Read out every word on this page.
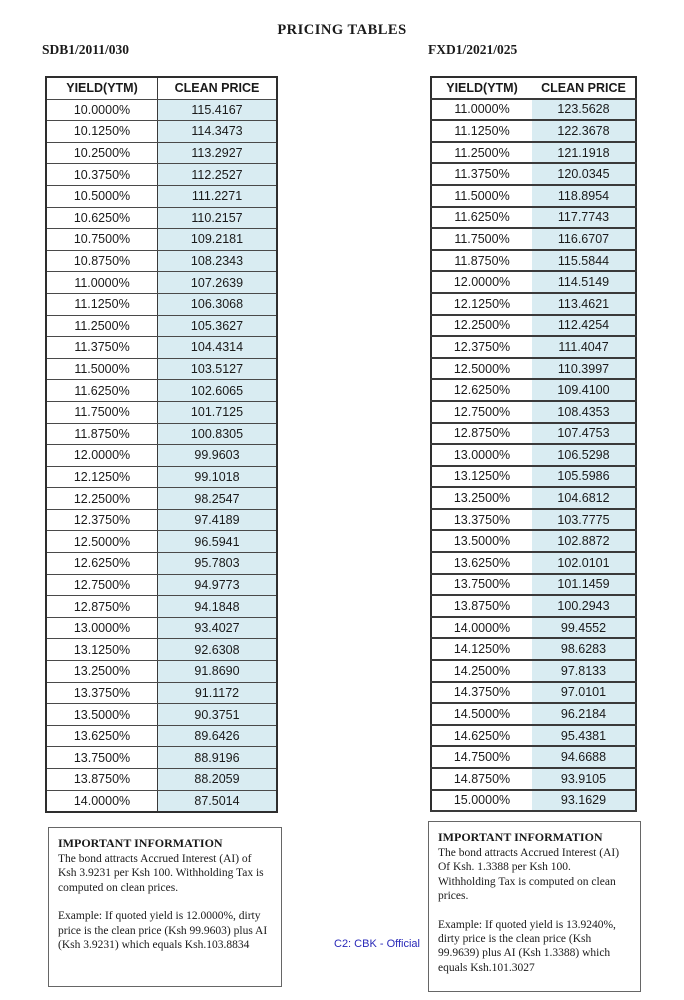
PRICING TABLES
SDB1/2011/030	FXD1/2021/025
YIELD(YTM)	CLEAN PRICE
10.0000%	115.4167
10.1250%	114.3473
10.2500%	113.2927
10.3750%	112.2527
10.5000%	111.2271
10.6250%	110.2157
10.7500%	109.2181
10.8750%	108.2343
11.0000%	107.2639
11.1250%	106.3068
11.2500%	105.3627
11.3750%	104.4314
11.5000%	103.5127
11.6250%	102.6065
11.7500%	101.7125
11.8750%	100.8305
12.0000%	99.9603
12.1250%	99.1018
12.2500%	98.2547
12.3750%	97.4189
12.5000%	96.5941
12.6250%	95.7803
12.7500%	94.9773
12.8750%	94.1848
13.0000%	93.4027
13.1250%	92.6308
13.2500%	91.8690
13.3750%	91.1172
13.5000%	90.3751
13.6250%	89.6426
13.7500%	88.9196
13.8750%	88.2059
14.0000%	87.5014
YIELD(YTM)	CLEAN PRICE
11.0000%	123.5628
11.1250%	122.3678
11.2500%	121.1918
11.3750%	120.0345
11.5000%	118.8954
11.6250%	117.7743
11.7500%	116.6707
11.8750%	115.5844
12.0000%	114.5149
12.1250%	113.4621
12.2500%	112.4254
12.3750%	111.4047
12.5000%	110.3997
12.6250%	109.4100
12.7500%	108.4353
12.8750%	107.4753
13.0000%	106.5298
13.1250%	105.5986
13.2500%	104.6812
13.3750%	103.7775
13.5000%	102.8872
13.6250%	102.0101
13.7500%	101.1459
13.8750%	100.2943
14.0000%	99.4552
14.1250%	98.6283
14.2500%	97.8133
14.3750%	97.0101
14.5000%	96.2184
14.6250%	95.4381
14.7500%	94.6688
14.8750%	93.9105
15.0000%	93.1629

IMPORTANT INFORMATION

The bond attracts Accrued Interest (AI) of Ksh 3.9231 per Ksh 100. Withholding Tax is computed on clean prices.

Example: If quoted yield is 12.0000%, dirty price is the clean price (Ksh 99.9603) plus AI (Ksh 3.9231) which equals Ksh.103.8834

IMPORTANT INFORMATION

The bond attracts Accrued Interest (AI) Of Ksh. 1.3388 per Ksh 100. Withholding Tax is computed on clean prices.

Example: If quoted yield is 13.9240%, dirty price is the clean price (Ksh 99.9639) plus AI (Ksh 1.3388) which equals Ksh.101.3027

C2: CBK - Official
